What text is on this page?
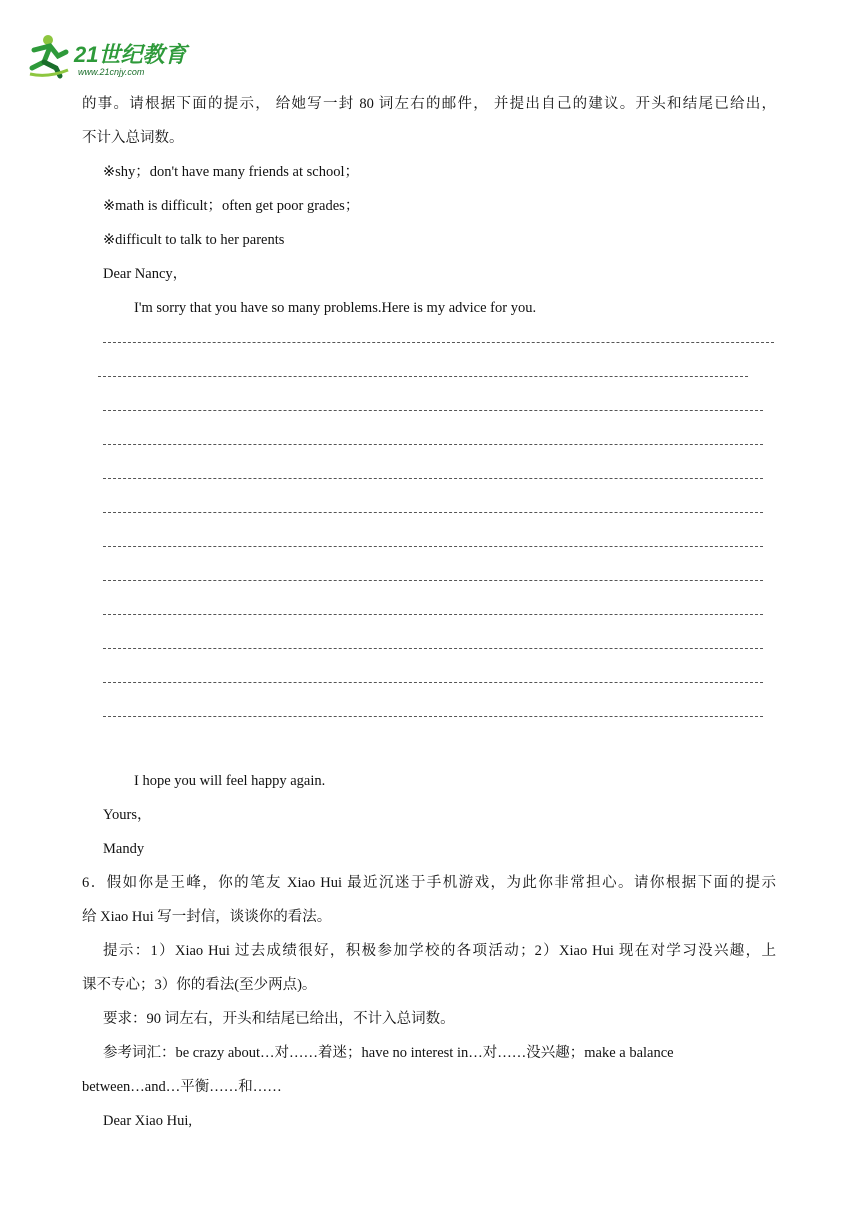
21世纪教育
www.21cnjy.com
的事。请根据下面的提示， 给她写一封 80 词左右的邮件， 并提出自己的建议。开头和结尾已给出，
不计入总词数。
※shy；don't have many friends at school；
※math is difficult；often get poor grades；
※difficult to talk to her parents
Dear Nancy，
I'm sorry that you have so many problems.Here is my advice for you.
I hope you will feel happy again.
Yours，
Mandy
6．假如你是王峰，你的笔友 Xiao Hui 最近沉迷于手机游戏，为此你非常担心。请你根据下面的提示
给 Xiao Hui 写一封信，谈谈你的看法。
提示：1）Xiao Hui 过去成绩很好，积极参加学校的各项活动；2）Xiao Hui 现在对学习没兴趣，上
课不专心；3）你的看法(至少两点)。
要求：90 词左右，开头和结尾已给出，不计入总词数。
参考词汇：be crazy about…对……着迷；have no interest in…对……没兴趣；make a balance
between…and…平衡……和……
Dear Xiao Hui,
